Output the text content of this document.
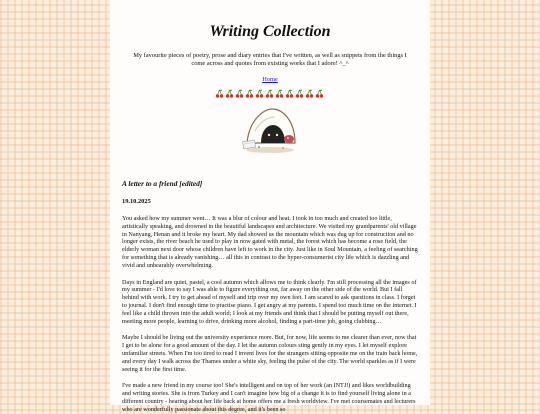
Writing Collection

My favourite pieces of poetry, prose and diary entries that I've written, as well as snippets from the things I come across and quotes from existing works that I adore! ^_^

Home

A letter to a friend [edited]

19.10.2025

You asked how my summer went… It was a blur of colour and heat. I took in too much and created too little, artistically speaking, and drowned in the beautiful landscapes and architecture. We visited my grandparents' old village in Nanyang, Henan and it broke my heart. My dad showed us the mountain which was dug up for construction and no longer exists, the river beach he used to play in now gated with metal, the forest which has become a rose field, the elderly woman next door whose children have left to work in the city. Just like in Soul Mountain, a feeling of searching for something that is already vanishing… all this in contrast to the hyper-consumerist city life which is dazzling and vivid and unbearably overwhelming.

Days in England are quiet, pastel, a cool autumn which allows me to think clearly. I'm still processing all the images of my summer - I'd love to say I was able to figure everything out, far away on the other side of the world. But I fall behind with work. I try to get ahead of myself and trip over my own feet. I am scared to ask questions in class. I forget to journal. I don't find enough time to practise piano. I get angry at my parents. I spend too much time on the internet. I feel like a child thrown into the adult world; I look at my friends and think that I should be putting myself out there, meeting more people, learning to drive, drinking more alcohol, finding a part-time job, going clubbing…

Maybe I should be living out the university experience more. But, for now, life seems to me clearer than ever, now that I get to be alone for a good amount of the day. I let the autumn colours sting gently in my eyes. I let myself explore unfamiliar streets. When I'm too tired to read I invent lives for the strangers sitting opposite me on the train back home, and every day I walk across the Thames under a white sky, feeling the pulse of the city. The world sparkles as if I were seeing it for the first time.

I've made a new friend in my course too! She's intelligent and on top of her work (an INTJ!) and likes worldbuilding and writing stories. She is from Turkey and I can't imagine how big of a change it is to find yourself living alone in a different country - hearing about her life back at home offers me a fresh worldview. I've met coursemates and lecturers who are wonderfully passionate about this degree, and it's been so
